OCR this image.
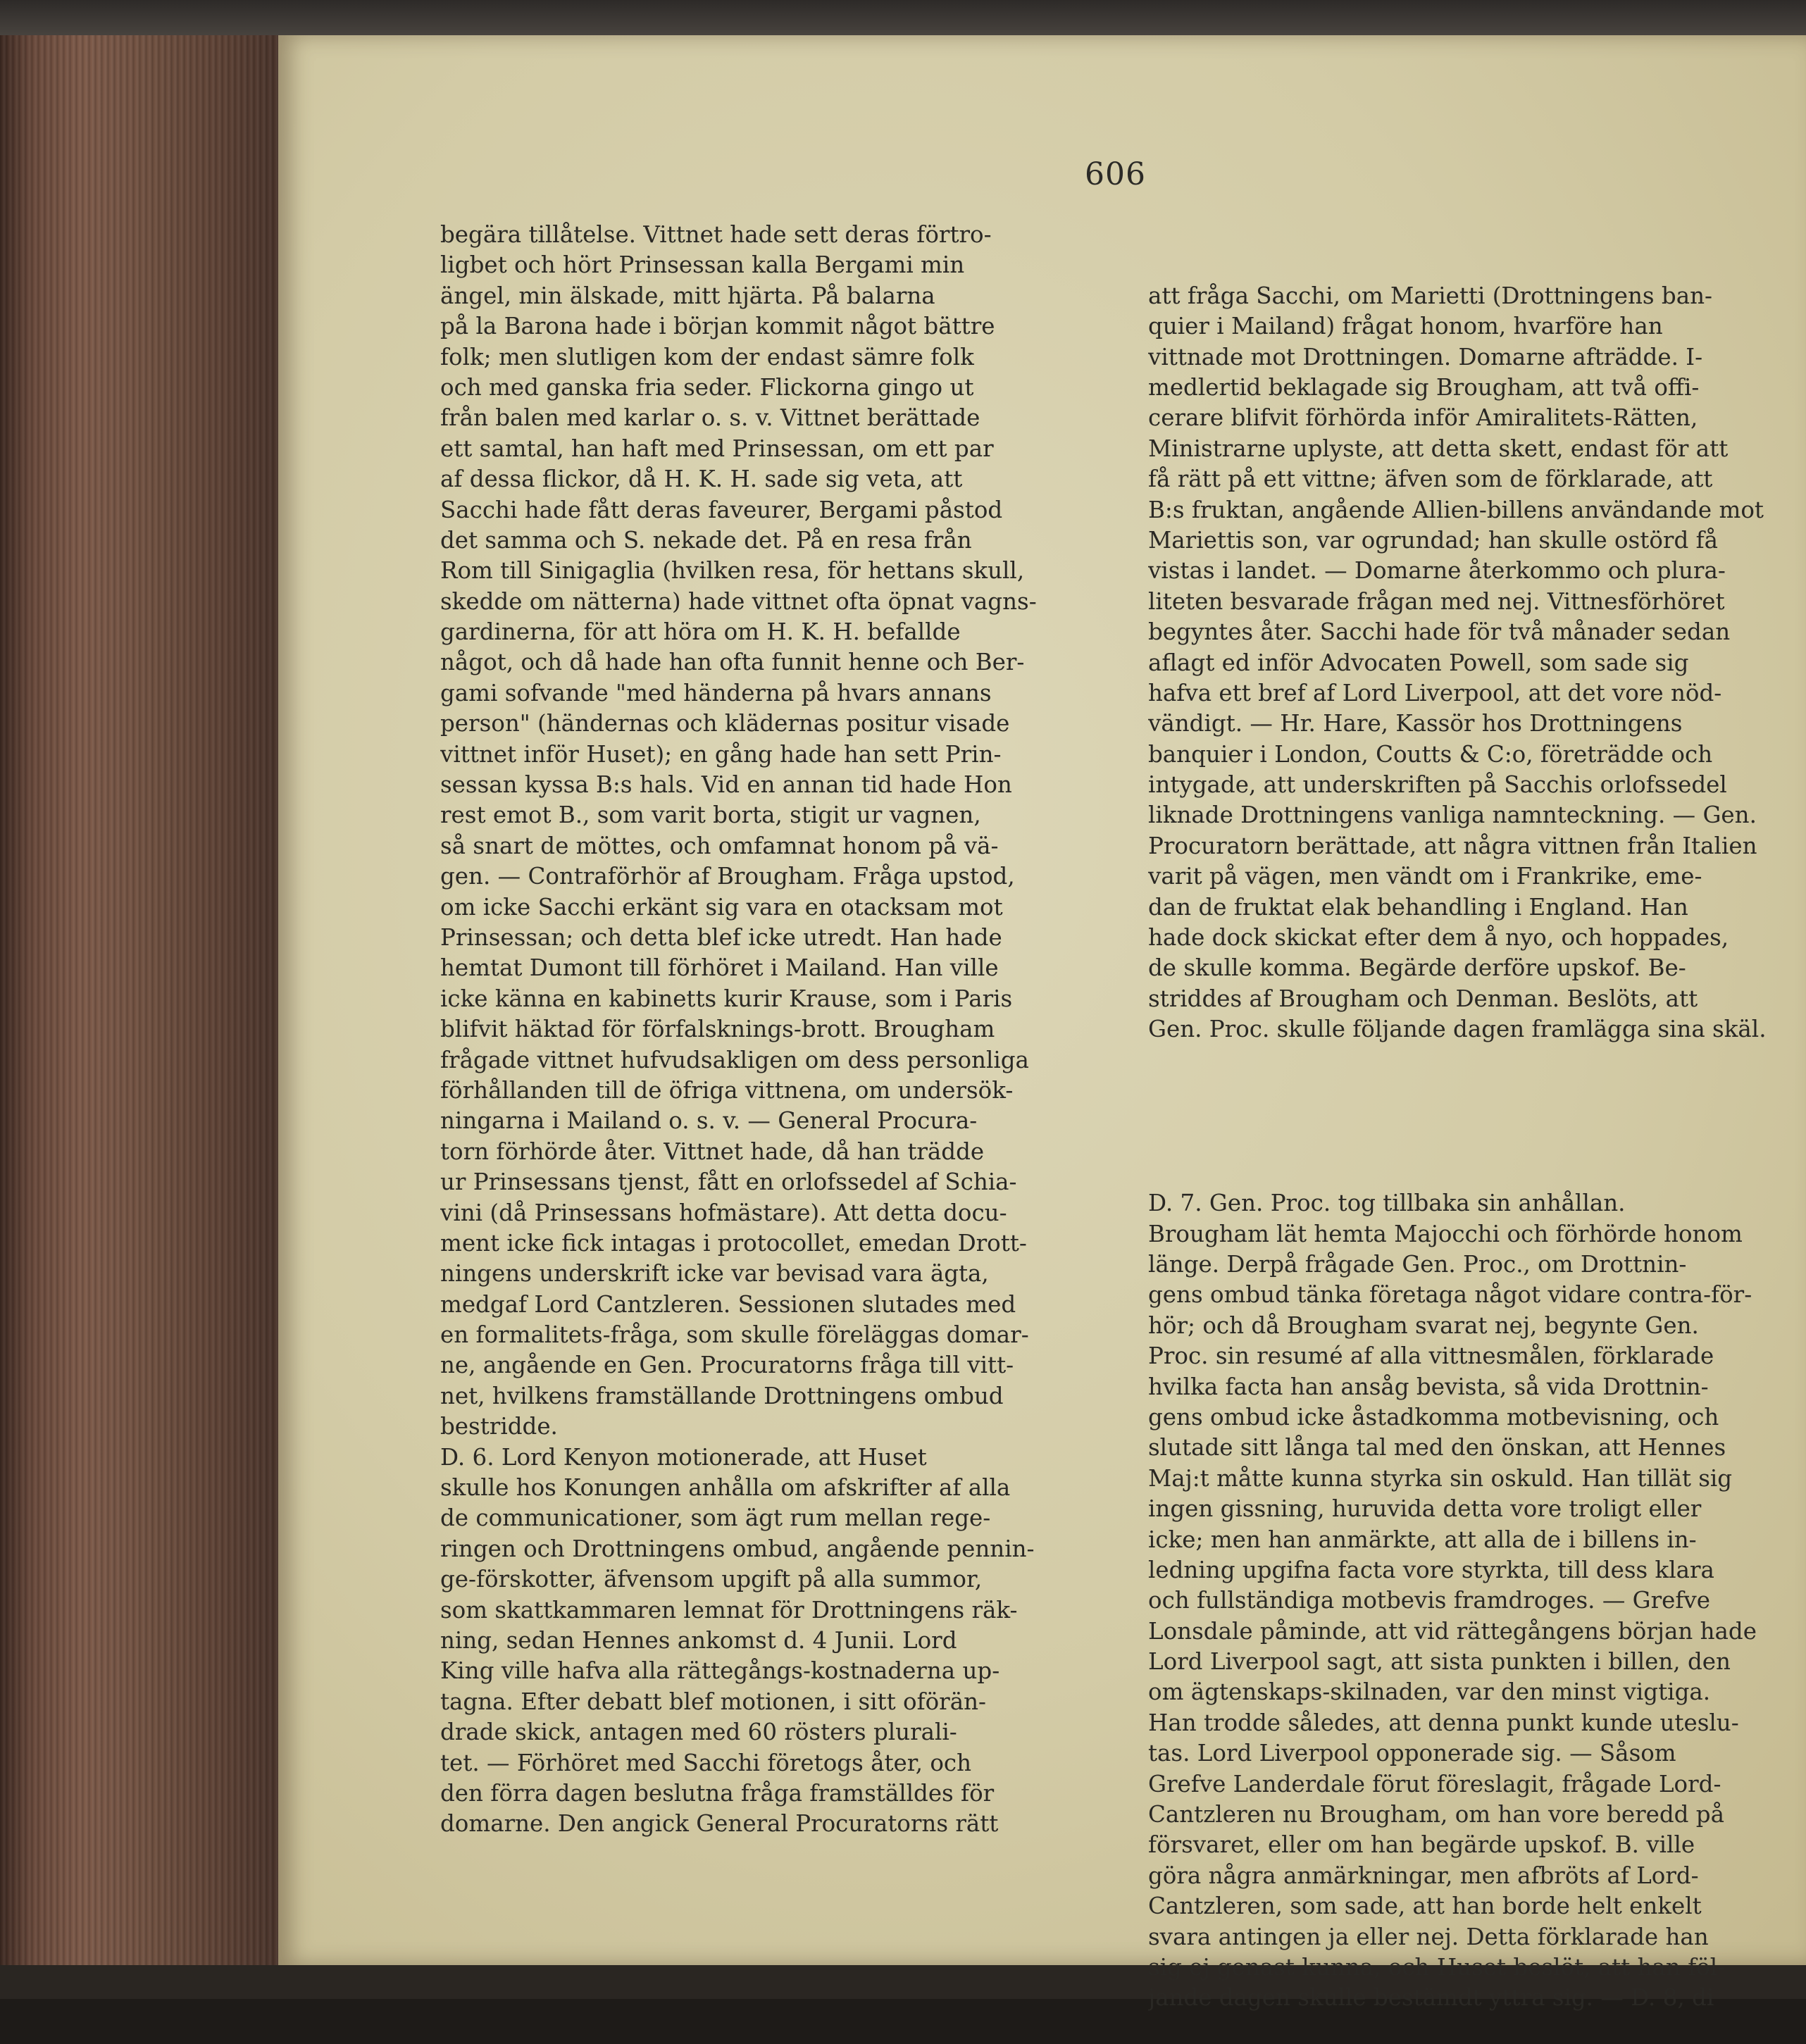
606
begära tillåtelse. Vittnet hade sett deras förtro-
ligbet och hört Prinsessan kalla Bergami min
ängel, min älskade, mitt hjärta. På balarna
på la Barona hade i början kommit något bättre
folk; men slutligen kom der endast sämre folk
och med ganska fria seder. Flickorna gingo ut
från balen med karlar o. s. v. Vittnet berättade
ett samtal, han haft med Prinsessan, om ett par
af dessa flickor, då H. K. H. sade sig veta, att
Sacchi hade fått deras faveurer, Bergami påstod
det samma och S. nekade det. På en resa från
Rom till Sinigaglia (hvilken resa, för hettans skull,
skedde om nätterna) hade vittnet ofta öpnat vagns-
gardinerna, för att höra om H. K. H. befallde
något, och då hade han ofta funnit henne och Ber-
gami sofvande "med händerna på hvars annans
person" (händernas och klädernas positur visade
vittnet inför Huset); en gång hade han sett Prin-
sessan kyssa B:s hals. Vid en annan tid hade Hon
rest emot B., som varit borta, stigit ur vagnen,
så snart de möttes, och omfamnat honom på vä-
gen. — Contraförhör af Brougham. Fråga upstod,
om icke Sacchi erkänt sig vara en otacksam mot
Prinsessan; och detta blef icke utredt. Han hade
hemtat Dumont till förhöret i Mailand. Han ville
icke känna en kabinetts kurir Krause, som i Paris
blifvit häktad för förfalsknings-brott. Brougham
frågade vittnet hufvudsakligen om dess personliga
förhållanden till de öfriga vittnena, om undersök-
ningarna i Mailand o. s. v. — General Procura-
torn förhörde åter. Vittnet hade, då han trädde
ur Prinsessans tjenst, fått en orlofssedel af Schia-
vini (då Prinsessans hofmästare). Att detta docu-
ment icke fick intagas i protocollet, emedan Drott-
ningens underskrift icke var bevisad vara ägta,
medgaf Lord Cantzleren. Sessionen slutades med
en formalitets-fråga, som skulle föreläggas domar-
ne, angående en Gen. Procuratorns fråga till vitt-
net, hvilkens framställande Drottningens ombud
bestridde.
D. 6. Lord Kenyon motionerade, att Huset
skulle hos Konungen anhålla om afskrifter af alla
de communicationer, som ägt rum mellan rege-
ringen och Drottningens ombud, angående pennin-
ge-förskotter, äfvensom upgift på alla summor,
som skattkammaren lemnat för Drottningens räk-
ning, sedan Hennes ankomst d. 4 Junii. Lord
King ville hafva alla rättegångs-kostnaderna up-
tagna. Efter debatt blef motionen, i sitt oförän-
drade skick, antagen med 60 rösters plurali-
tet. — Förhöret med Sacchi företogs åter, och
den förra dagen beslutna fråga framställdes för
domarne. Den angick General Procuratorns rätt

att fråga Sacchi, om Marietti (Drottningens ban-
quier i Mailand) frågat honom, hvarföre han
vittnade mot Drottningen. Domarne afträdde. I-
medlertid beklagade sig Brougham, att två offi-
cerare blifvit förhörda inför Amiralitets-Rätten,
Ministrarne uplyste, att detta skett, endast för att
få rätt på ett vittne; äfven som de förklarade, att
B:s fruktan, angående Allien-billens användande mot
Mariettis son, var ogrundad; han skulle ostörd få
vistas i landet. — Domarne återkommo och plura-
liteten besvarade frågan med nej. Vittnesförhöret
begyntes åter. Sacchi hade för två månader sedan
aflagt ed inför Advocaten Powell, som sade sig
hafva ett bref af Lord Liverpool, att det vore nöd-
vändigt. — Hr. Hare, Kassör hos Drottningens
banquier i London, Coutts & C:o, företrädde och
intygade, att underskriften på Sacchis orlofssedel
liknade Drottningens vanliga namnteckning. — Gen.
Procuratorn berättade, att några vittnen från Italien
varit på vägen, men vändt om i Frankrike, eme-
dan de fruktat elak behandling i England. Han
hade dock skickat efter dem å nyo, och hoppades,
de skulle komma. Begärde derföre upskof. Be-
striddes af Brougham och Denman. Beslöts, att
Gen. Proc. skulle följande dagen framlägga sina skäl.

D. 7. Gen. Proc. tog tillbaka sin anhållan.
Brougham lät hemta Majocchi och förhörde honom
länge. Derpå frågade Gen. Proc., om Drottnin-
gens ombud tänka företaga något vidare contra-för-
hör; och då Brougham svarat nej, begynte Gen.
Proc. sin resumé af alla vittnesmålen, förklarade
hvilka facta han ansåg bevista, så vida Drottnin-
gens ombud icke åstadkomma motbevisning, och
slutade sitt långa tal med den önskan, att Hennes
Maj:t måtte kunna styrka sin oskuld. Han tillät sig
ingen gissning, huruvida detta vore troligt eller
icke; men han anmärkte, att alla de i billens in-
ledning upgifna facta vore styrkta, till dess klara
och fullständiga motbevis framdroges. — Grefve
Lonsdale påminde, att vid rättegångens början hade
Lord Liverpool sagt, att sista punkten i billen, den
om ägtenskaps-skilnaden, var den minst vigtiga.
Han trodde således, att denna punkt kunde uteslu-
tas. Lord Liverpool opponerade sig. — Såsom
Grefve Landerdale förut föreslagit, frågade Lord-
Cantzleren nu Brougham, om han vore beredd på
försvaret, eller om han begärde upskof. B. ville
göra några anmärkningar, men afbröts af Lord-
Cantzleren, som sade, att han borde helt enkelt
svara antingen ja eller nej. Detta förklarade han
sig ej genast kunna, och Huset beslöt, att han föl-
jande dagen skulle bestämdt yttra sig. — D. 8, di
